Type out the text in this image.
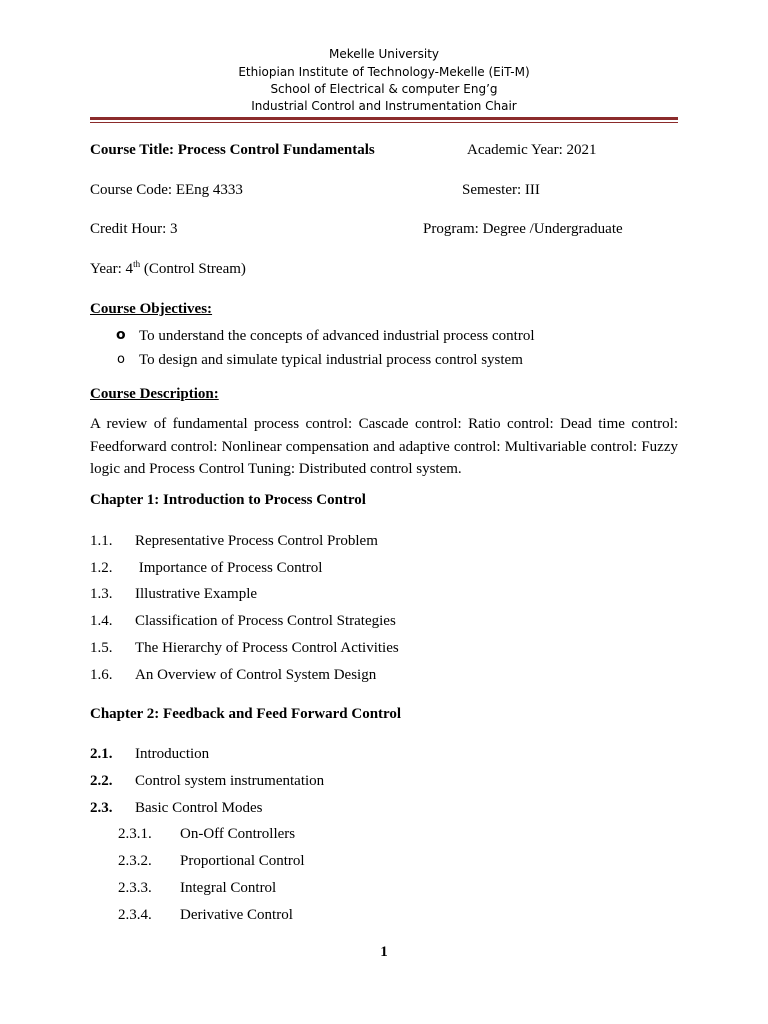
Mekelle University
Ethiopian Institute of Technology-Mekelle (EiT-M)
School of Electrical & computer Eng’g
Industrial Control and Instrumentation Chair
Course Title: Process Control Fundamentals	Academic Year: 2021
Course Code: EEng 4333	Semester: III
Credit Hour: 3	Program: Degree /Undergraduate
Year: 4th (Control Stream)
Course Objectives:
o To understand the concepts of advanced industrial process control
o To design and simulate typical industrial process control system
Course Description:
A review of fundamental process control: Cascade control: Ratio control: Dead time control: Feedforward control: Nonlinear compensation and adaptive control: Multivariable control: Fuzzy logic and Process Control Tuning: Distributed control system.
Chapter 1: Introduction to Process Control
1.1. Representative Process Control Problem
1.2. Importance of Process Control
1.3. Illustrative Example
1.4. Classification of Process Control Strategies
1.5. The Hierarchy of Process Control Activities
1.6. An Overview of Control System Design
Chapter 2: Feedback and Feed Forward Control
2.1. Introduction
2.2. Control system instrumentation
2.3. Basic Control Modes
2.3.1. On-Off Controllers
2.3.2. Proportional Control
2.3.3. Integral Control
2.3.4. Derivative Control
1
